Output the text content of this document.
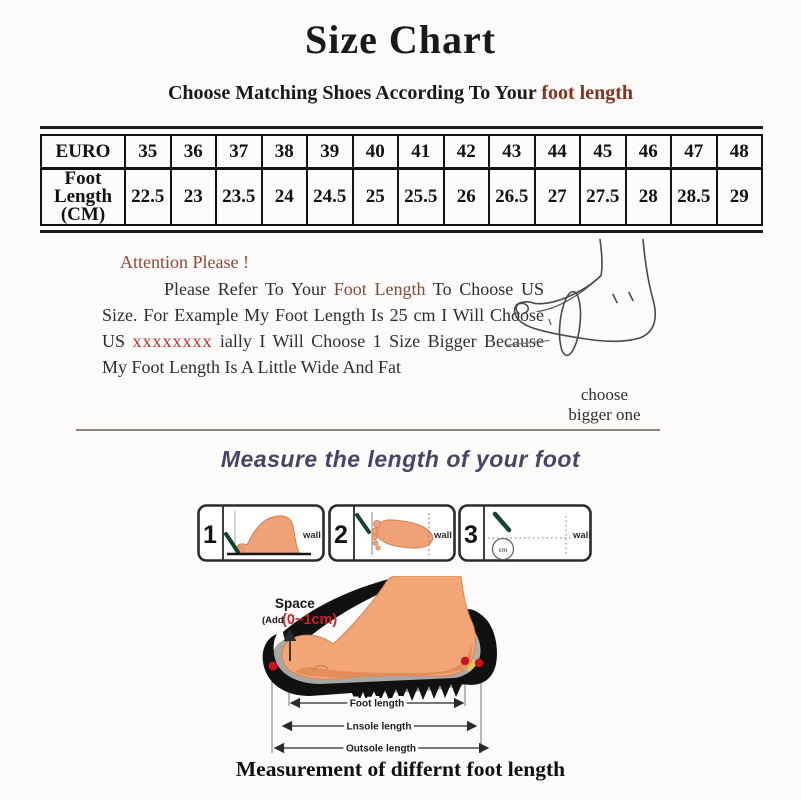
Size Chart
Choose Matching Shoes According To Your foot length
EURO	35	36	37	38	39	40	41	42	43	44	45	46	47	48
Foot Length (CM)	22.5	23	23.5	24	24.5	25	25.5	26	26.5	27	27.5	28	28.5	29

Attention Please !

Please Refer To Your Foot Length To Choose US Size. For Example My Foot Length Is 25 cm I Will Choose US xxxxxxxx ially I Will Choose 1 Size Bigger Because My Foot Length Is A Little Wide And Fat

choose
bigger one
Measure the length of your foot
1	wall 2	wall 3
cm
wall
Space
(Add
(0~1cm)
Foot length
Lnsole length
Outsole length
Measurement of differnt foot length
